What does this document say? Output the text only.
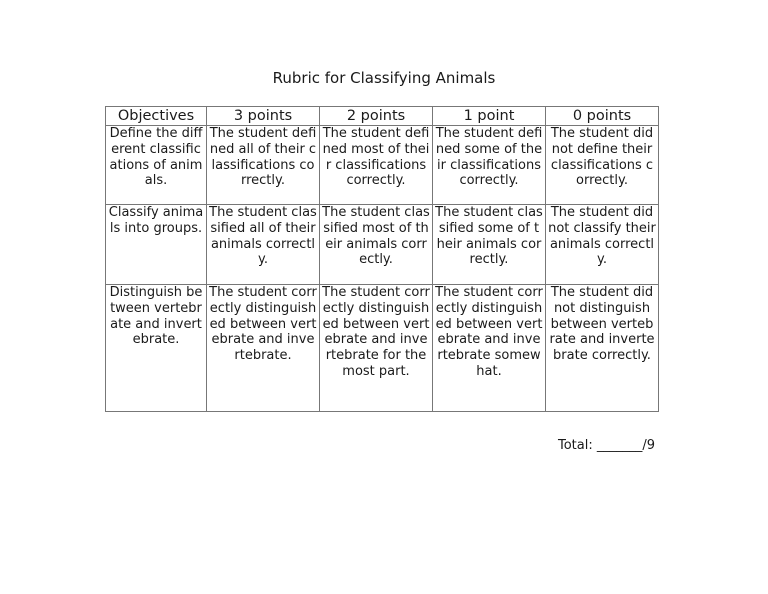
Rubric for Classifying Animals
Objectives	3 points	2 points	1 point	0 points
Define the different classifications of animals.	The student defined all of their classifications correctly.	The student defined most of their classifications correctly.	The student defined some of their classifications correctly.	The student did not define their classifications correctly.
Classify animals into groups.	The student classified all of their animals correctly.	The student classified most of their animals correctly.	The student classified some of their animals correctly.	The student did not classify their animals correctly.
Distinguish between vertebrate and invertebrate.	The student correctly distinguished between vertebrate and invertebrate.	The student correctly distinguished between vertebrate and invertebrate for the most part.	The student correctly distinguished between vertebrate and invertebrate somewhat.	The student did not distinguish between vertebrate and invertebrate correctly.
Total: _______/9
